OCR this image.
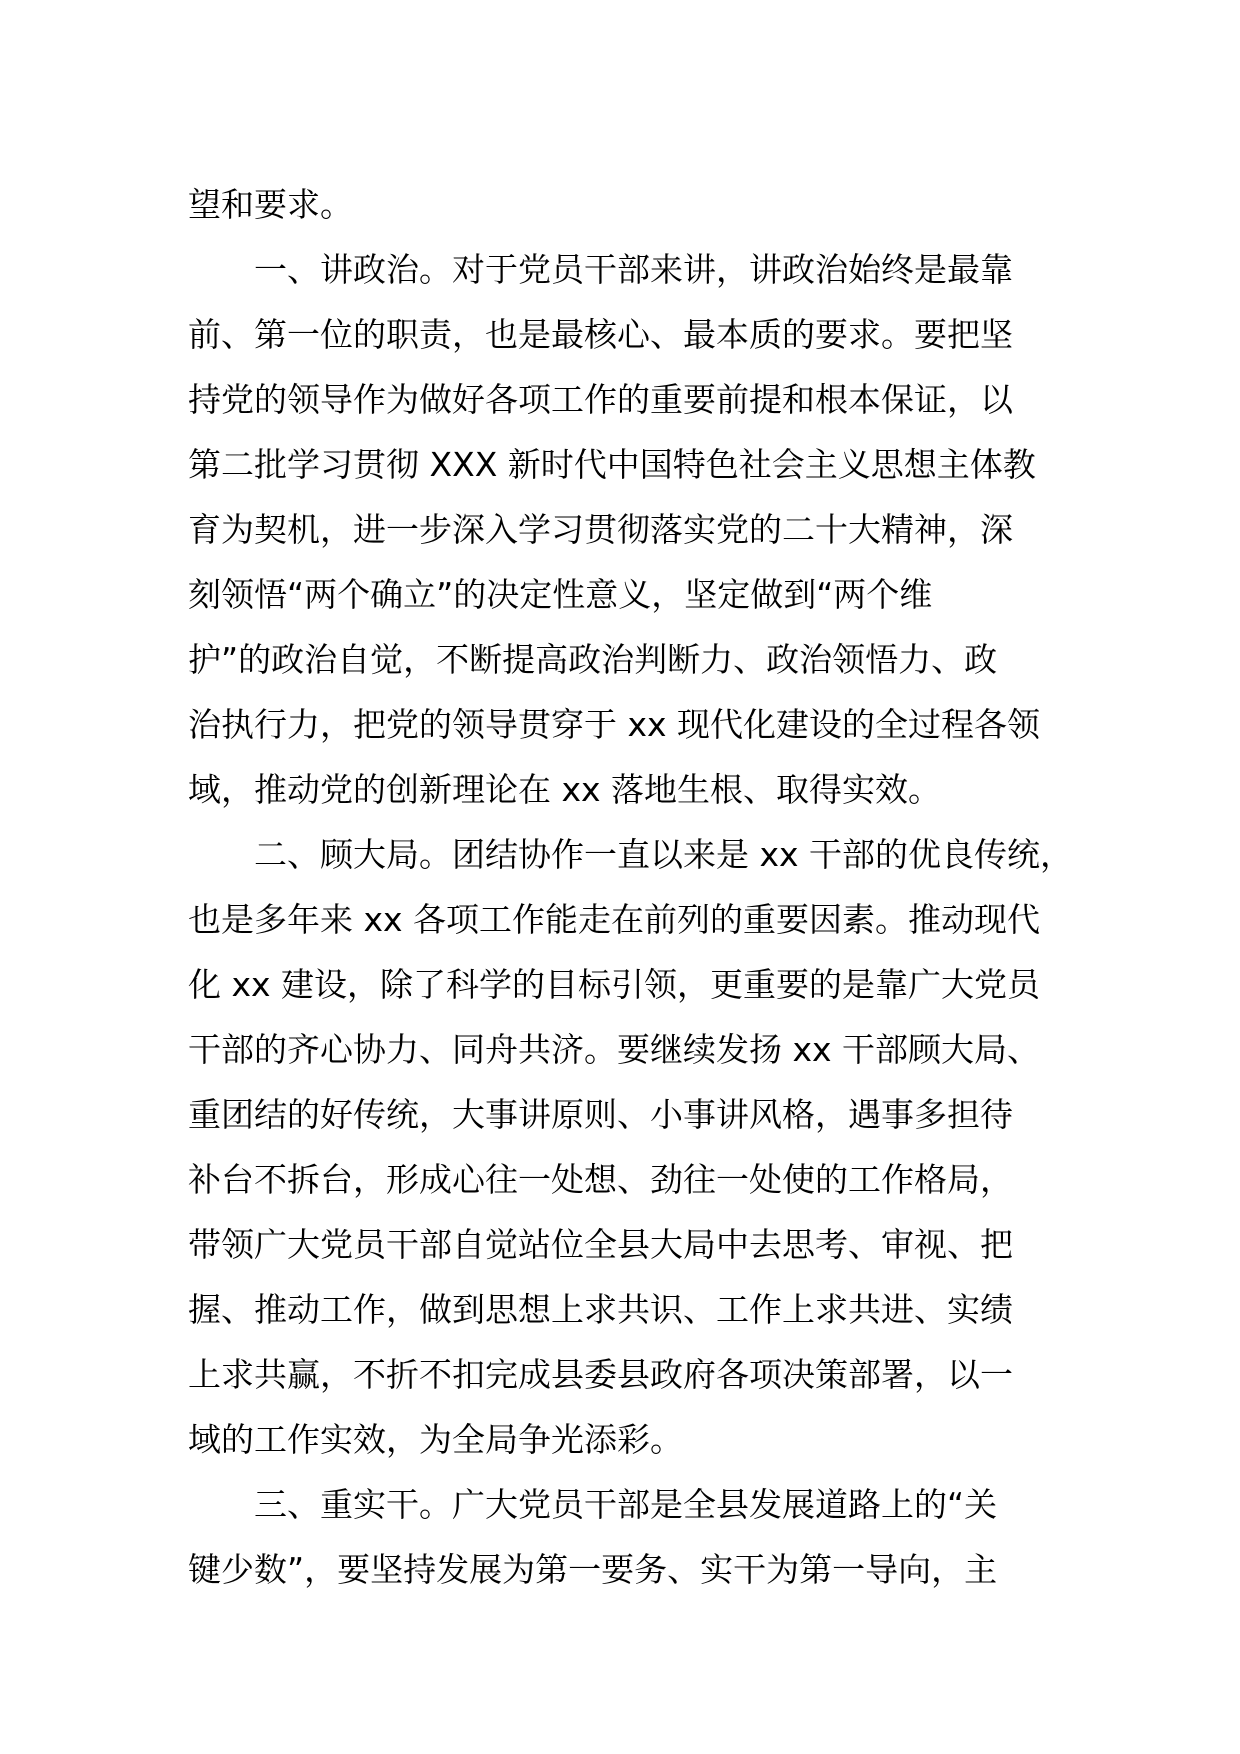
望和要求。
　　一、讲政治。对于党员干部来讲，讲政治始终是最靠
前、第一位的职责，也是最核心、最本质的要求。要把坚
持党的领导作为做好各项工作的重要前提和根本保证，以
第二批学习贯彻 XXX 新时代中国特色社会主义思想主体教
育为契机，进一步深入学习贯彻落实党的二十大精神，深
刻领悟“两个确立”的决定性意义，坚定做到“两个维
护”的政治自觉，不断提高政治判断力、政治领悟力、政
治执行力，把党的领导贯穿于 xx 现代化建设的全过程各领
域，推动党的创新理论在 xx 落地生根、取得实效。
　　二、顾大局。团结协作一直以来是 xx 干部的优良传统，
也是多年来 xx 各项工作能走在前列的重要因素。推动现代
化 xx 建设，除了科学的目标引领，更重要的是靠广大党员
干部的齐心协力、同舟共济。要继续发扬 xx 干部顾大局、
重团结的好传统，大事讲原则、小事讲风格，遇事多担待
补台不拆台，形成心往一处想、劲往一处使的工作格局，
带领广大党员干部自觉站位全县大局中去思考、审视、把
握、推动工作，做到思想上求共识、工作上求共进、实绩
上求共赢，不折不扣完成县委县政府各项决策部署，以一
域的工作实效，为全局争光添彩。
　　三、重实干。广大党员干部是全县发展道路上的“关
键少数”，要坚持发展为第一要务、实干为第一导向，主
